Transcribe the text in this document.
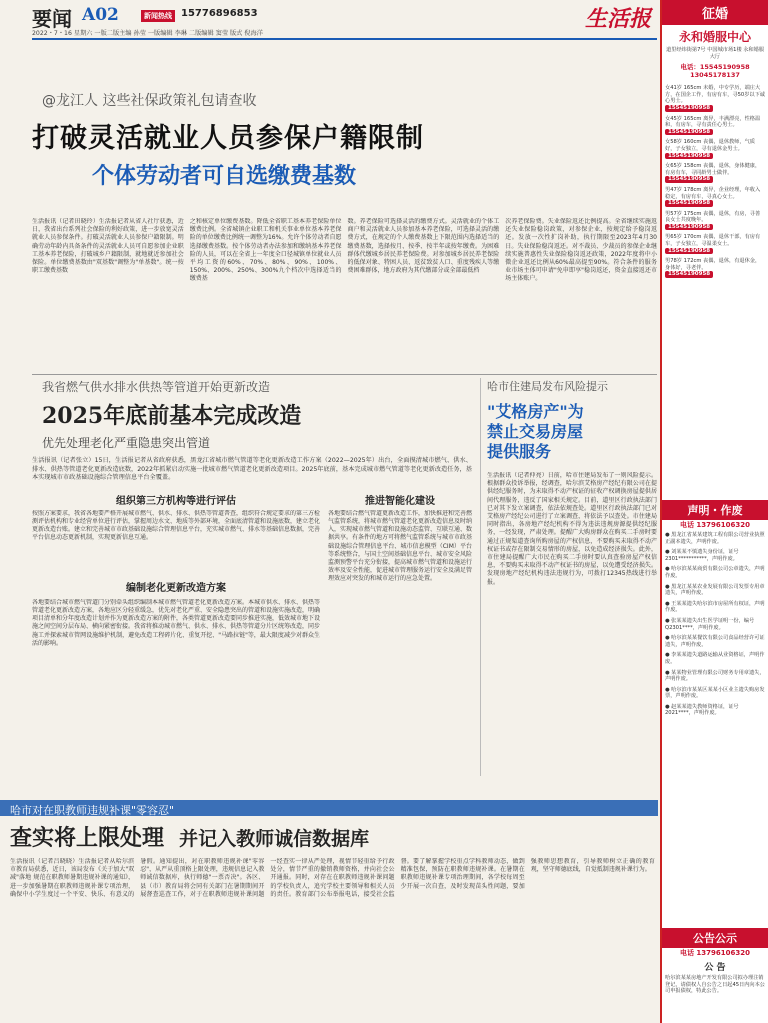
要闻 A02	新闻热线 15776896853
2022・7・16 星期六 一版二版主编 孙莹 一版编辑 李琳 二版编辑 窦莹 版式 倪海洋
生活报
@龙江人 这些社保政策礼包请查收
打破灵活就业人员参保户籍限制
个体劳动者可自选缴费基数
生活报讯（记者田晓玲）生活报记者从省人社厅获悉，近日，我省出台系列社会保险的利好政策，进一步放宽灵活就业人员参保条件。打破灵活就业人员参保户籍限制。明确劳动年龄内具备条件的灵活就业人员可自愿参加企业职工基本养老保险，打破城乡户籍限制，就地就近参加社会保险。单位缴费基数由"双基数"调整为"单基数"。统一按职工缴费基数
之和核定单位缴费基数。降低全省职工基本养老保险单位缴费比例。全省城镇企业职工和机关事业单位基本养老保险的单位缴费比例统一调整为16%。允许个体劳动者自愿选择缴费基数。按个体劳动者办法参加和缴纳基本养老保险的人员，可以在全省上一年度全口径城镇单位就业人员平均工资的60%、70%、80%、90%、100%、150%、200%、250%、300%九个档次中选择适当的缴费基
数。养老保险可选择灵活的缴费方式。灵活就业的个体工商户和灵活就业人员参加基本养老保险，可选择灵活的缴费方式，在规定的个人缴费基数上下限范围内选择适当的缴费基数，选择按月、按季、按半年或按年缴费。为困难群体代缴城乡居民养老保险费。对参加城乡居民养老保险的低保对象、特困人员、返贫致贫人口、重度残疾人等缴费困难群体，地方政府为其代缴部分或全部最低档
次养老保险费。失业保险返还比例提高。全省继续实施返还失业保险稳岗政策，对参保企业，按规定给予稳岗返还。发放一次性扩岗补助，执行期限至2023年4月30日。失业保险稳岗返还。对不裁员、少裁员的参保企业继续实施普惠性失业保险稳岗返还政策，2022年度将中小微企业返还比例从60%最高提至90%。符合条件的服务业市场主体可申请"免申即享"稳岗返还，资金直接返还市场主体账户。
我省燃气供水排水供热等管道开始更新改造
2025年底前基本完成改造
优先处理老化严重隐患突出管道
生活报讯（记者张立）15日，生活报记者从省政府获悉，黑龙江省城市燃气管道等老化更新改造工作方案（2022—2025年）出台，全面摸清城市燃气、供水、排水、供热等管道老化更新改造底数，2022年抓紧启动实施一批城市燃气管道老化更新改造项目。2025年底前，基本完成城市燃气管道等老化更新改造任务，基本实现城市市政基础设施综合管理信息平台全覆盖。
组织第三方机构等进行评估
按照方案要求，我省各地要严格开展城市燃气、供水、排水、供热等管道普查，组织符合规定要求的第三方检测评估机构和专业经营单位进行评估，掌握周边水文、地质等外部环境，全面底清管道和设施底数，建立老化更新改造台账。建立和完善城市市政基础设施综合管理信息平台，充实城市燃气、排水等基础信息数据，完善平台信息动态更新机制，实现更新信息互通。
编制老化更新改造方案
各地要结合城市燃气管道门分别牵头组织编制本城市燃气管道老化更新改造方案。本城市供水、排水、供热等管道老化更新改造方案，各地应区分轻重缓急，优先对老化严重、安全隐患突出的管道和设施实施改造，明确项目清单和分年度改造计划并作为更新改造方案的附件，各类管道更新改造要同步推进实施，低效城市地下设施之间空间分层布局、横向紧密衔接。我省将推动城市燃气、供水、排水、供热等管道分片区统筹改造，同步施工并探索城市管网设施维护机制，避免改造工程碎片化、重复开挖、"马路拉链"等，最大限度减少对群众生活的影响。
推进智能化建设
各地要结合燃气管道更新改造工作，加快推进和完善燃气监管系统，将城市燃气管道老化更新改造信息及时纳入，实现城市燃气管道和设施动态监管、互联互通、数据共享。有条件的地方可将燃气监管系统与城市市政基础设施综合管理信息平台、城市信息模型（CIM）平台等系统整合，与国土空间基础信息平台、城市安全风险监测预警平台充分衔接，提高城市燃气管道和设施运行效率及安全性能，促进城市管理服务运行安全及满足管理效应对突发的和城市运行的应急处置。
哈市住建局发布风险提示
"艾格房产"为
禁止交易房屋
提供服务
生活报讯（记者仲亮）日前，哈市住建局发布了一则风险提示。根据群众投诉举报，经调查，哈尔滨艾格房产经纪有限公司在提供经纪服务时，为未取得不动产权证的征收产权调换房屋提供居间代理服务，违反了国家相关规定。目前，道里区行政执法部门已对其下发立案调查，依法依规查处。道里区行政执法部门已对艾格房产经纪公司进行了立案调查，将依法予以查处。市住建局同时指出，各房地产经纪机构不得为违法违规房源提供经纪服务，一经发现，严肃处理。提醒广大购房群众在购买二手房时要通过正规渠道查询所购房屋的产权信息，不要购买未取得不动产权证书或存在限制交易情形的房屋，以免造成经济损失。此外，市住建局提醒广大市民在购买二手房时要认真查验房屋产权信息，不要购买未取得不动产权证书的房屋，以免遭受经济损失。发现房地产经纪机构违法违规行为，可拨打12345热线进行举报。
哈市对在职教师违规补课"零容忍"
查实将上限处理 并记入教师诚信数据库
生活报讯（记者吕晓晓）生活报记者从哈尔滨市教育局获悉，近日，该局发布《关于加大"双减"落地 规范在职教师暑期违规补课的通知》，进一步加强暑期在职教师违规补课专项治理，确保中小学生度过一个平安、快乐、有意义的暑假。通知提出，对在职教师违规补课"零容忍"，从严从重顶格上限处理，违规信息记入教师诚信数据库，执行师德"一票否决"。各区、县（市）教育局将会同有关部门在暑期期间开展督查巡查工作，对于在职教师违规补课问题一经查实一律从严处理，视情节轻重给予行政处分，情节严重的撤销教师资格，并向社会公开通报。同时，对存在在职教师违规补课问题的学校负责人，追究学校主要领导和相关人员的责任。教育部门公布举报电话，接受社会监督。要了解掌握学校重点学科教师动态，做到精准包保，预防在职教师违规补课。在暑期在职教师违规补课专项治理期间，各学校每周至少开展一次自查，及时发现苗头性问题，要加强教师思想教育，引导教师树立正确的教育观，坚守师德底线，自觉抵制违规补课行为。
征婚
永和婚服中心
道里经纬街第7号 中国城市场1楼 永和婚服大厅
电话：15545190958
13045178137
女41岁 165cm 未婚，中专学历，端庄大方，在国企工作，有房有车，寻50岁以下诚心男士。
15545190958
女45岁 165cm 离异，丰满漂亮，性格温和，有房车，寻有责任心男士。
15545190958
女58岁 160cm 丧偶，退休教师，气质好，子女独立，寻有退休金男士。
15545190958
女65岁 158cm 丧偶，退休，身体健康，有房有车，寻同龄男士做伴。
15545190958
男47岁 178cm 离异，企业经理，年收入稳定，有房有车，寻真心女士。
15545190958
男57岁 175cm 丧偶，退休，有房，寻善良女士共度晚年。
15545190958
男65岁 170cm 丧偶，退休干部，有房有车，子女独立，寻温柔女士。
15545190958
男78岁 172cm 丧偶，退休，有退休金，身体好，寻老伴。
15545190958
声明・作废
电话 13796106320
● 黑龙江省某某建筑工程有限公司营业执照正副本遗失，声明作废。
● 刘某某不慎遗失身份证，证号2301***********，声明作废。
● 哈尔滨某某商贸有限公司公章遗失，声明作废。
● 黑龙江某某农业发展有限公司发票专用章遗失，声明作废。
● 王某某遗失哈尔滨市房屋所有权证，声明作废。
● 张某某遗失出生医学证明一份，编号Q2301****，声明作废。
● 哈尔滨某某餐饮有限公司食品经营许可证遗失，声明作废。
● 李某某遗失道路运输从业资格证，声明作废。
● 某某物业管理有限公司财务专用章遗失，声明作废。
● 哈尔滨市某某区某某小区业主遗失购房发票，声明作废。
● 赵某某遗失教师资格证，证号2021****，声明作废。
公告公示
电话 13796106320
公 告
哈尔滨某某房地产开发有限公司拟办理注销登记，请债权人自公告之日起45日内向本公司申报债权，特此公告。
